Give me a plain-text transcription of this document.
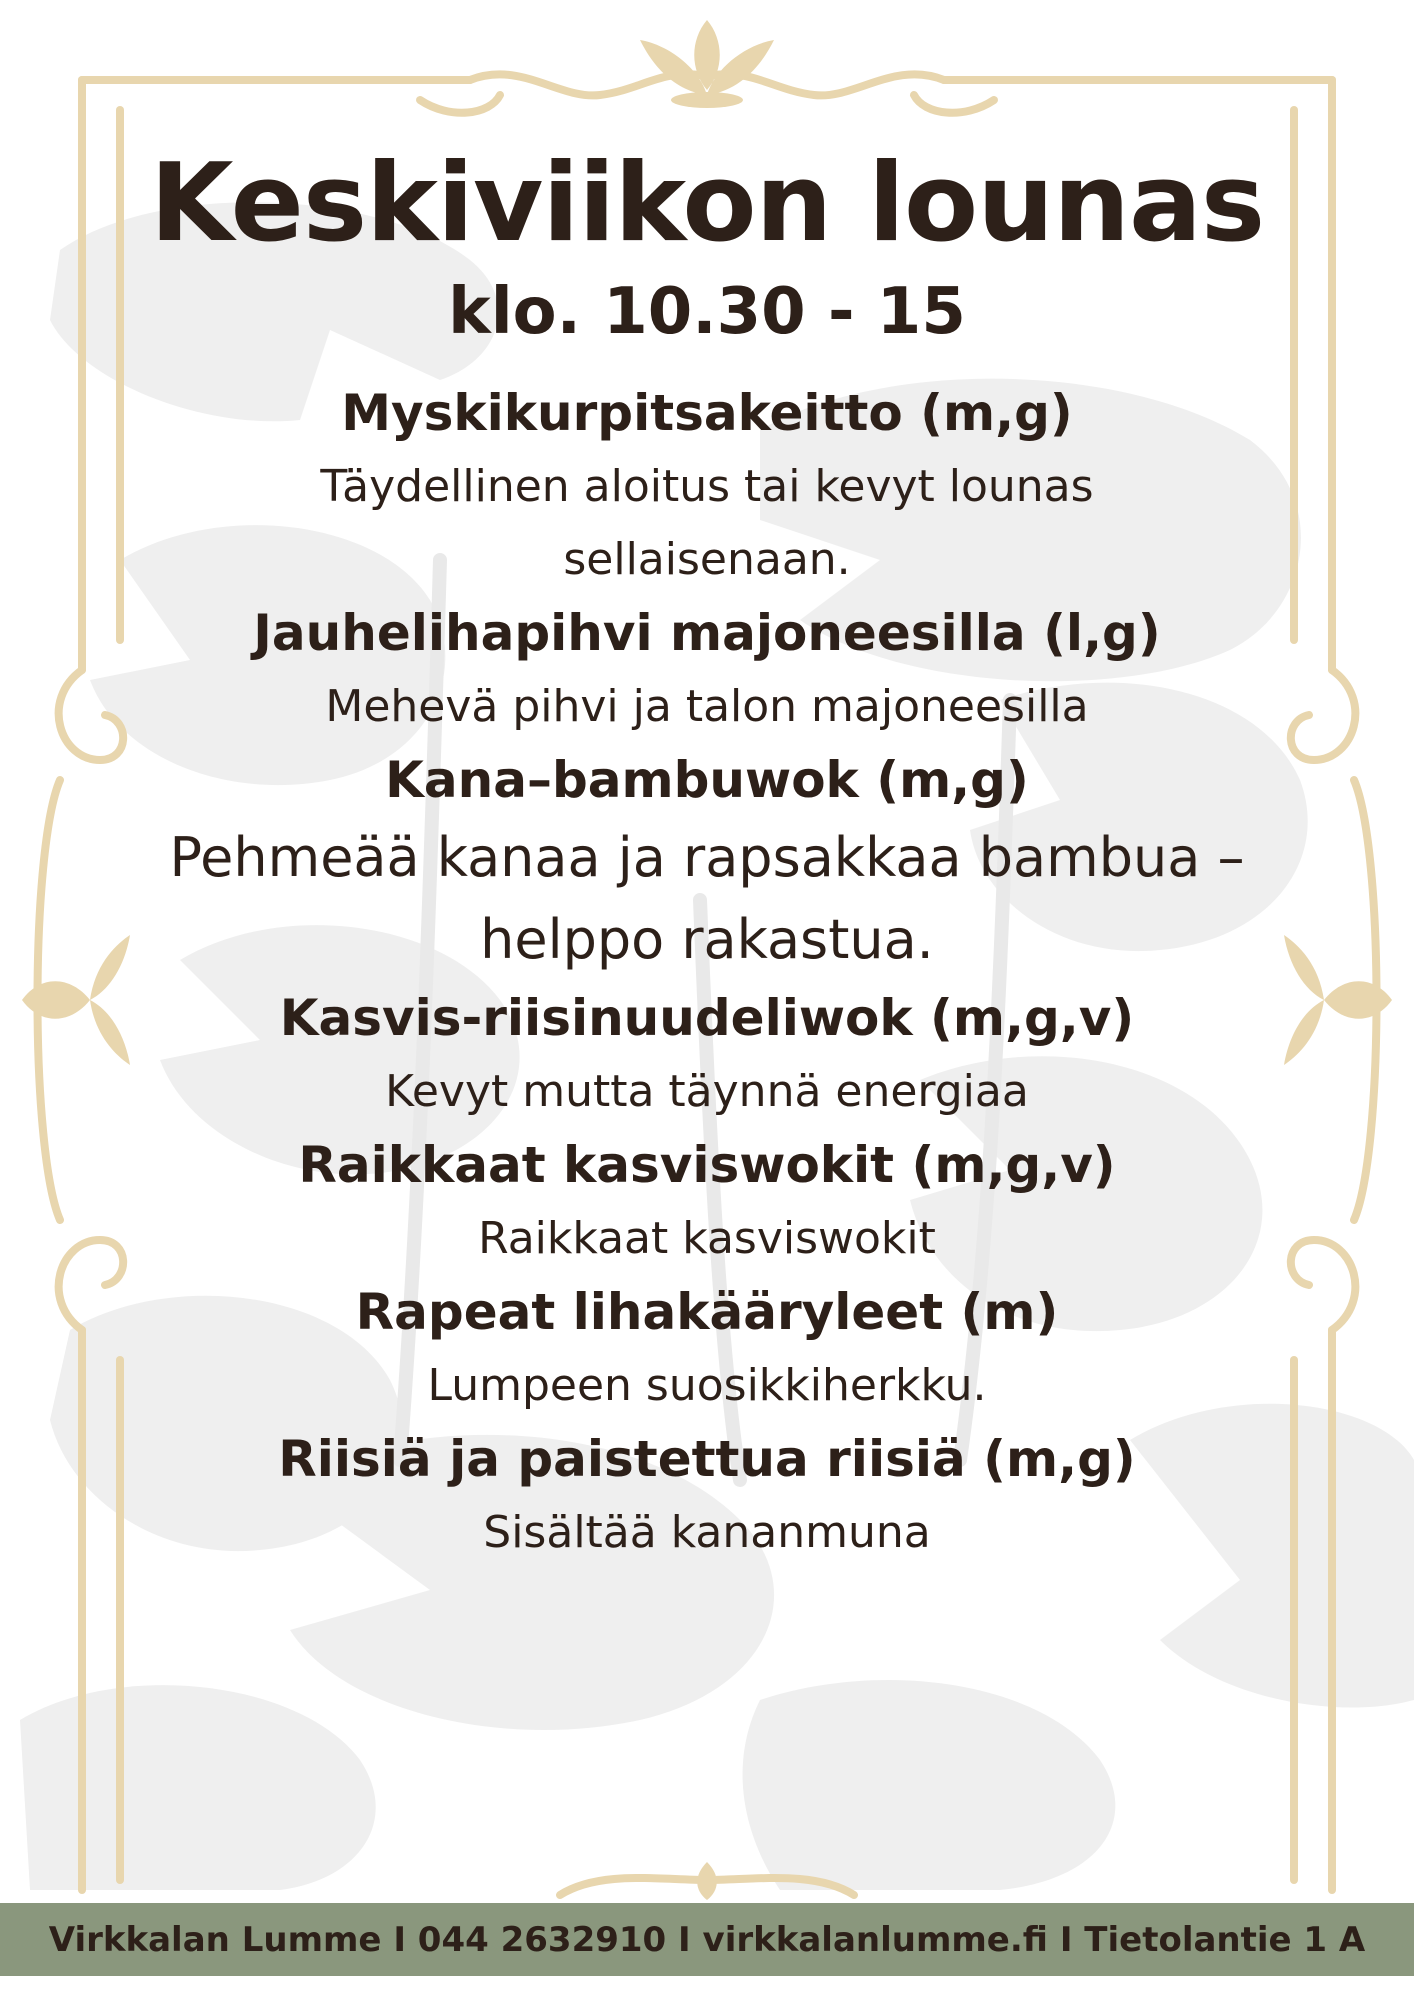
Keskiviikon lounas

klo. 10.30 - 15

Myskikurpitsakeitto (m,g)

Täydellinen aloitus tai kevyt lounas sellaisenaan.

Jauhelihapihvi majoneesilla (l,g)

Mehevä pihvi ja talon majoneesilla

Kana–bambuwok (m,g)

Pehmeää kanaa ja rapsakkaa bambua – helppo rakastua.

Kasvis-riisinuudeliwok (m,g,v)

Kevyt mutta täynnä energiaa

Raikkaat kasviswokit (m,g,v)

Raikkaat kasviswokit

Rapeat lihakääryleet (m)

Lumpeen suosikkiherkku.

Riisiä ja paistettua riisiä (m,g)

Sisältää kananmuna

Virkkalan Lumme I 044 2632910 I virkkalanlumme.fi I Tietolantie 1 A
